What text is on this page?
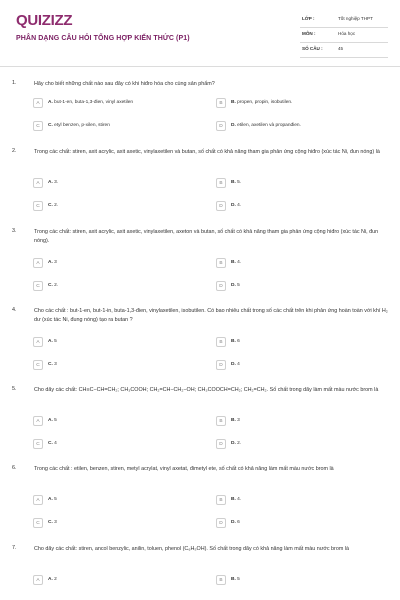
QUIZIZZ
PHÂN DẠNG CÂU HỎI TỔNG HỢP KIẾN THỨC (P1)
LỚP :	Tốt nghiệp THPT
MÔN :	Hóa học
SỐ CÂU :	45
1.	Hãy cho biết những chất nào sau đây có khi hiđro hóa cho cùng sản phẩm?
A	A. but-1-en, buta-1,3-đien, vinyl axetilen	B	B. propen, propin, isobutilen.
C	C. etyl benzen, p-xilen, stiren	D	D. etilen, axetilen và propanđien.
2.	Trong các chất: stiren, axit acrylic, axit axetic, vinylaxetilen và butan, số chất có khả năng tham gia phản ứng cộng hiđro (xúc tác Ni, đun nóng) là
A	A. 3.	B	B. 5.
C	C. 2.	D	D. 4.
3.	Trong các chất: stiren, axit acrylic, axit axetic, vinylaxetilen, axeton và butan, số chất có khả năng tham gia phản ứng cộng hiđro (xúc tác Ni, đun nóng).
A	A. 3	B	B. 4.
C	C. 2.	D	D. 5
4.	Cho các chất : but-1-en, but-1-in, buta-1,3-đien, vinylaxetilen, isobutilen. Có bao nhiêu chất trong số các chất trên khi phản ứng hoàn toàn với khí H₂ dư (xúc tác Ni, đung nóng) tạo ra butan ?
A	A. 5	B	B. 6
C	C. 3	D	D. 4
5.	Cho dãy các chất: CH≡C−CH=CH₂; CH₃COOH; CH₂=CH−CH₂−OH; CH₃COOCH=CH₂; CH₂=CH₂. Số chất trong dãy làm mất màu nước brom là
A	A. 5	B	B. 3
C	C. 4	D	D. 2.
6.	Trong các chất : etilen, benzen, stiren, metyl acrylat, vinyl axetat, đimetyl ete, số chất có khả năng làm mất màu nước brom là
A	A. 5	B	B. 4.
C	C. 3	D	D. 6
7.	Cho dãy các chất: stiren, ancol benzylic, anilin, toluen, phenol (C₆H₅OH). Số chất trong dãy có khả năng làm mất màu nước brom là
A	A. 2	B	B. 5
